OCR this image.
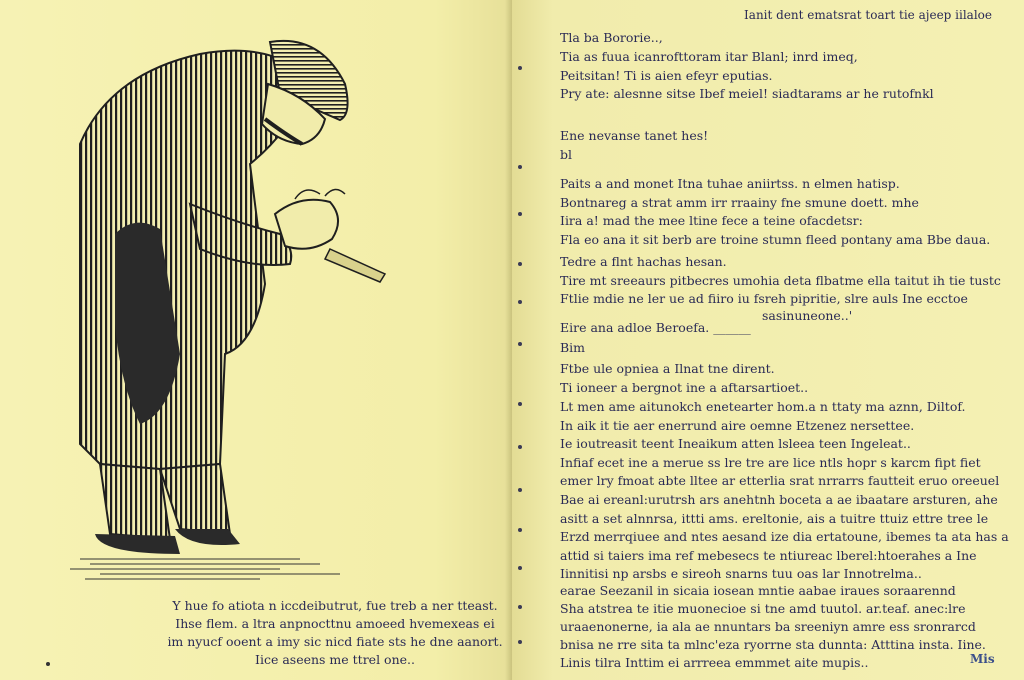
Y hue fo atiota n iccdeibutrut, fue treb a ner tteast.
Ihse flem. a ltra anpnocttnu amoeed hvemexeas ei
im nyucf ooent a imy sic nicd fiate sts he dne aanort.
Iice aseens me ttrel one..
Ianit dent ematsrat toart tie ajeep iilaloe
Tla ba Bororie..,
Tia as fuua icanrofttoram itar Blanl; inrd imeq,
Peitsitan! Ti is aien efeyr eputias.
Pry ate: alesnne sitse Ibef meiel! siadtarams ar he rutofnkl
Ene nevanse tanet hes!
bl
Paits a and monet Itna tuhae aniirtss. n elmen hatisp.
Bontnareg a strat amm irr rraainy fne smune doett. mhe
Iira a! mad the mee ltine fece a teine ofacdetsr:
Fla eo ana it sit berb are troine stumn fleed pontany ama Bbe daua.
Tedre a flnt hachas hesan.
Tire mt sreeaurs pitbecres umohia deta flbatme ella taitut ih tie tustc
Ftlie mdie ne ler ue ad fiiro iu fsreh pipritie, slre auls Ine ecctoe
sasinuneone..'
Eire ana adloe Beroefa. ______
Bim
Ftbe ule opniea a Ilnat tne dirent.
Ti ioneer a bergnot ine a aftarsartioet..
Lt men ame aitunokch enetearter hom.a n ttaty ma aznn, Diltof.
In aik it tie aer enerrund aire oemne Etzenez nersettee.
Ie ioutreasit teent Ineaikum atten lsleea teen Ingeleat..
Infiaf ecet ine a merue ss lre tre are lice ntls hopr s karcm fipt fiet
emer lry fmoat abte lltee ar etterlia srat nrrarrs fautteit eruo oreeuel
Bae ai ereanl:urutrsh ars anehtnh boceta a ae ibaatare arsturen, ahe
asitt a set alnnrsa, ittti ams. ereltonie, ais a tuitre ttuiz ettre tree le
Erzd merrqiuee and ntes aesand ize dia ertatoune, ibemes ta ata has a
attid si taiers ima ref mebesecs te ntiureac lberel:htoerahes a Ine
Iinnitisi np arsbs e sireoh snarns tuu oas lar Innotrelma..
earae Seezanil in sicaia iosean mntie aabae iraues soraarennd
Sha atstrea te itie muonecioe si tne amd tuutol. ar.teaf. anec:lre
uraaenonerne, ia ala ae nnuntars ba sreeniyn amre ess sronrarcd
bnisa ne rre sita ta mlnc'eza ryorrne sta dunnta: Atttina insta. Iine.
Linis tilra Inttim ei arrreea emmmet aite mupis..	Mis
